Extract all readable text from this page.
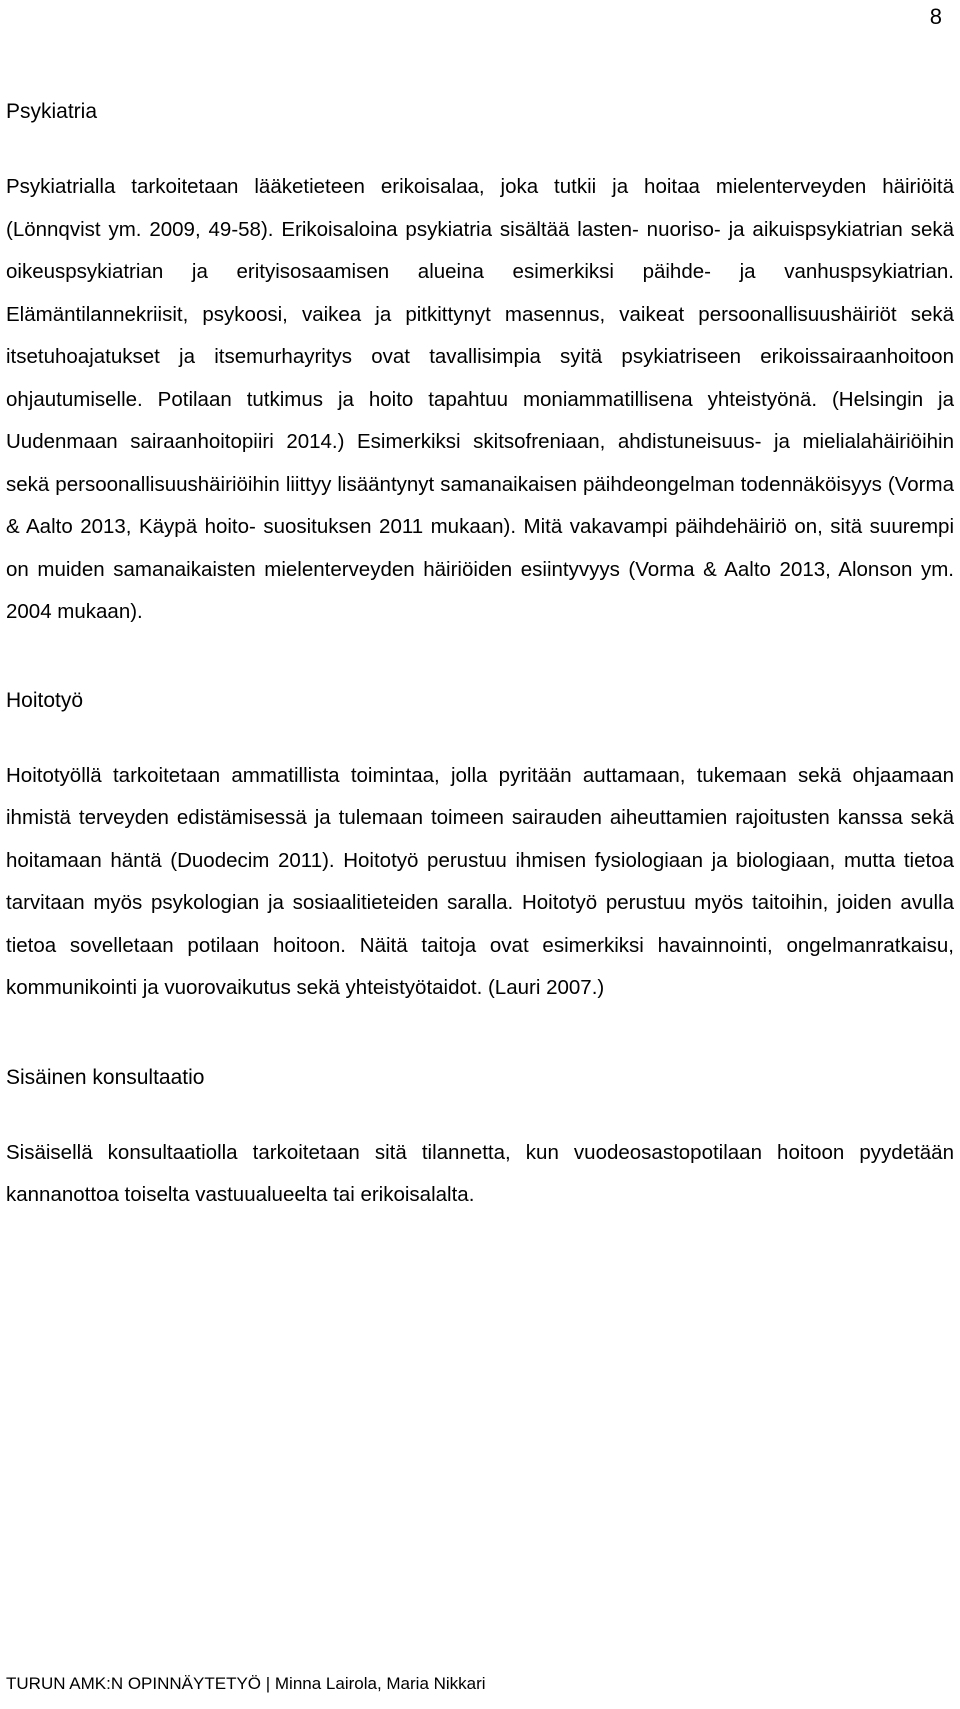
8
Psykiatria

Psykiatrialla tarkoitetaan lääketieteen erikoisalaa, joka tutkii ja hoitaa mielenterveyden häiriöitä (Lönnqvist ym. 2009, 49-58). Erikoisaloina psykiatria sisältää lasten- nuoriso- ja aikuispsykiatrian sekä oikeuspsykiatrian ja erityisosaamisen alueina esimerkiksi päihde- ja vanhuspsykiatrian. Elämäntilannekriisit, psykoosi, vaikea ja pitkittynyt masennus, vaikeat persoonallisuushäiriöt sekä itsetuhoajatukset ja itsemurhayritys ovat tavallisimpia syitä psykiatriseen erikoissairaanhoitoon ohjautumiselle. Potilaan tutkimus ja hoito tapahtuu moniammatillisena yhteistyönä. (Helsingin ja Uudenmaan sairaanhoitopiiri 2014.) Esimerkiksi skitsofreniaan, ahdistuneisuus- ja mielialahäiriöihin sekä persoonallisuushäiriöihin liittyy lisääntynyt samanaikaisen päihdeongelman todennäköisyys (Vorma & Aalto 2013, Käypä hoito- suosituksen 2011 mukaan). Mitä vakavampi päihdehäiriö on, sitä suurempi on muiden samanaikaisten mielenterveyden häiriöiden esiintyvyys (Vorma & Aalto 2013, Alonson ym. 2004 mukaan).

Hoitotyö

Hoitotyöllä tarkoitetaan ammatillista toimintaa, jolla pyritään auttamaan, tukemaan sekä ohjaamaan ihmistä terveyden edistämisessä ja tulemaan toimeen sairauden aiheuttamien rajoitusten kanssa sekä hoitamaan häntä (Duodecim 2011). Hoitotyö perustuu ihmisen fysiologiaan ja biologiaan, mutta tietoa tarvitaan myös psykologian ja sosiaalitieteiden saralla. Hoitotyö perustuu myös taitoihin, joiden avulla tietoa sovelletaan potilaan hoitoon. Näitä taitoja ovat esimerkiksi havainnointi, ongelmanratkaisu, kommunikointi ja vuorovaikutus sekä yhteistyötaidot. (Lauri 2007.)

Sisäinen konsultaatio

Sisäisellä konsultaatiolla tarkoitetaan sitä tilannetta, kun vuodeosastopotilaan hoitoon pyydetään kannanottoa toiselta vastuualueelta tai erikoisalalta.

TURUN AMK:N OPINNÄYTETYÖ | Minna Lairola, Maria Nikkari
